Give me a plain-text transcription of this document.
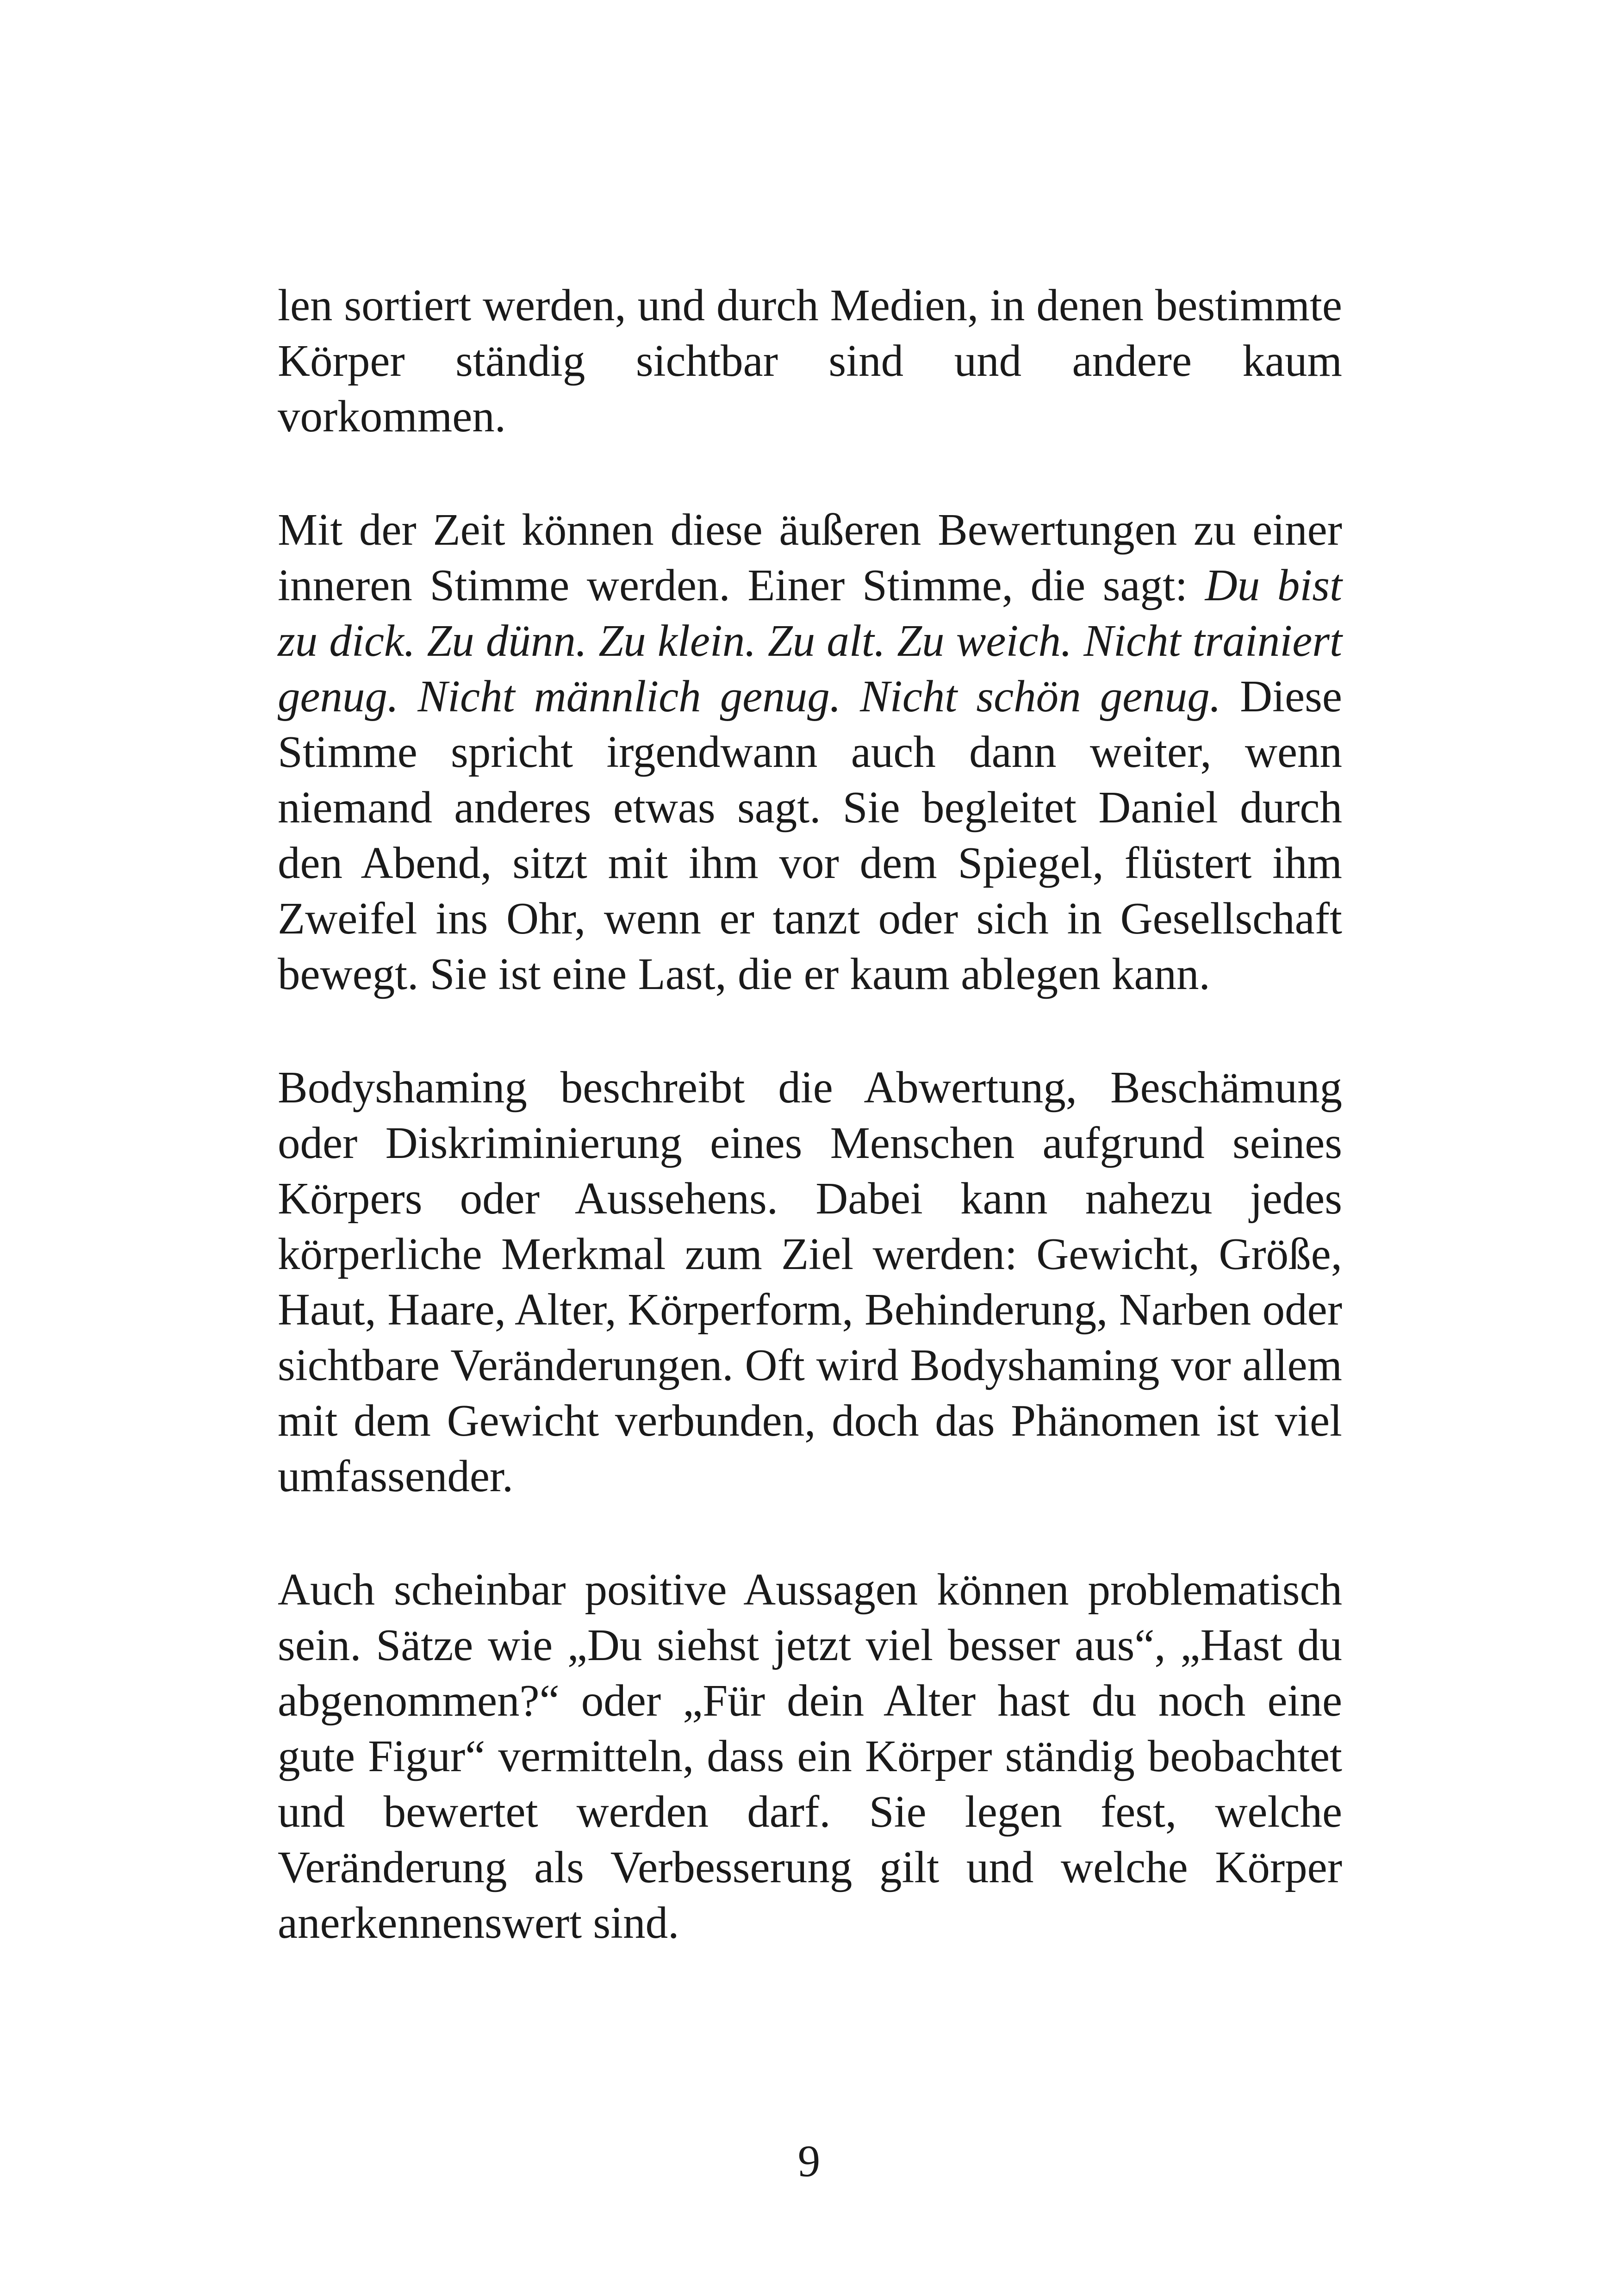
len sortiert werden, und durch Medien, in denen bestimmte Körper ständig sichtbar sind und andere kaum vorkommen.

Mit der Zeit können diese äußeren Bewertungen zu einer inneren Stimme werden. Einer Stimme, die sagt: Du bist zu dick. Zu dünn. Zu klein. Zu alt. Zu weich. Nicht trainiert genug. Nicht männlich genug. Nicht schön genug. Diese Stimme spricht irgendwann auch dann weiter, wenn niemand anderes etwas sagt. Sie begleitet Daniel durch den Abend, sitzt mit ihm vor dem Spiegel, flüstert ihm Zweifel ins Ohr, wenn er tanzt oder sich in Gesellschaft bewegt. Sie ist eine Last, die er kaum ablegen kann.

Bodyshaming beschreibt die Abwertung, Beschämung oder Diskriminierung eines Menschen aufgrund seines Körpers oder Aussehens. Dabei kann nahezu jedes körperliche Merkmal zum Ziel werden: Gewicht, Größe, Haut, Haare, Alter, Körperform, Behinderung, Narben oder sichtbare Veränderungen. Oft wird Bodyshaming vor allem mit dem Gewicht verbunden, doch das Phänomen ist viel umfassender.

Auch scheinbar positive Aussagen können problematisch sein. Sätze wie „Du siehst jetzt viel besser aus“, „Hast du abgenommen?“ oder „Für dein Alter hast du noch eine gute Figur“ vermitteln, dass ein Körper ständig beobachtet und bewertet werden darf. Sie legen fest, welche Veränderung als Verbesserung gilt und welche Körper anerkennenswert sind.

9
